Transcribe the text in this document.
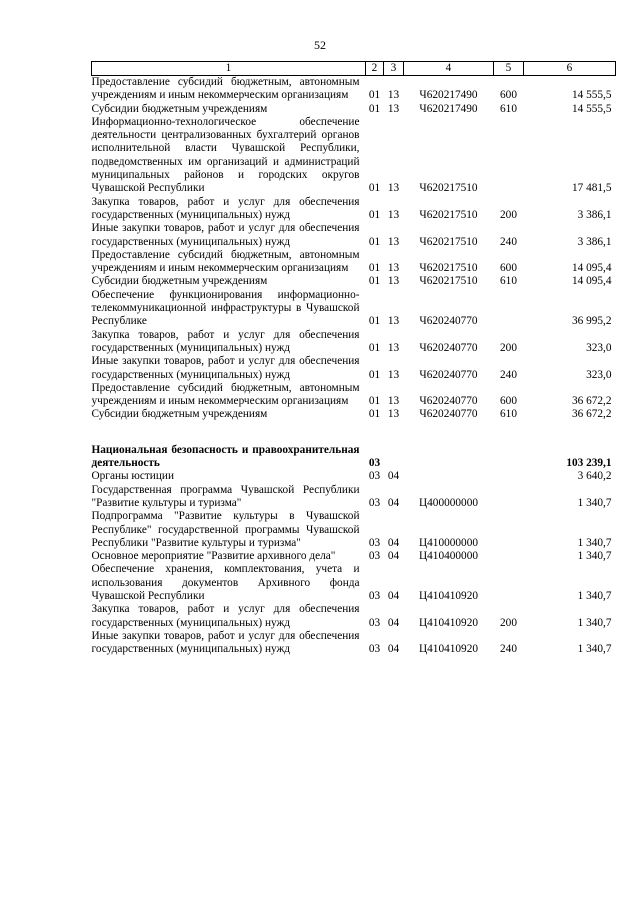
52
1	2	3	4	5	6
Предоставление субсидий бюджетным, автономным учреждениям и иным некоммерческим организациям	01	13	Ч620217490	600	14 555,5
Субсидии бюджетным учреждениям	01	13	Ч620217490	610	14 555,5
Информационно-технологическое обеспечение деятельности централизованных бухгалтерий органов исполнительной власти Чувашской Республики, подведомственных им организаций и администраций муниципальных районов и городских округов Чувашской Республики	01	13	Ч620217510		17 481,5
Закупка товаров, работ и услуг для обеспечения государственных (муниципальных) нужд	01	13	Ч620217510	200	3 386,1
Иные закупки товаров, работ и услуг для обеспечения государственных (муниципальных) нужд	01	13	Ч620217510	240	3 386,1
Предоставление субсидий бюджетным, автономным учреждениям и иным некоммерческим организациям	01	13	Ч620217510	600	14 095,4
Субсидии бюджетным учреждениям	01	13	Ч620217510	610	14 095,4
Обеспечение функционирования информационно-телекоммуникационной инфраструктуры в Чувашской Республике	01	13	Ч620240770		36 995,2
Закупка товаров, работ и услуг для обеспечения государственных (муниципальных) нужд	01	13	Ч620240770	200	323,0
Иные закупки товаров, работ и услуг для обеспечения государственных (муниципальных) нужд	01	13	Ч620240770	240	323,0
Предоставление субсидий бюджетным, автономным учреждениям и иным некоммерческим организациям	01	13	Ч620240770	600	36 672,2
Субсидии бюджетным учреждениям	01	13	Ч620240770	610	36 672,2

Национальная безопасность и правоохранительная деятельность	03				103 239,1
Органы юстиции	03	04			3 640,2
Государственная программа Чувашской Республики "Развитие культуры и туризма"	03	04	Ц400000000		1 340,7
Подпрограмма "Развитие культуры в Чувашской Республике" государственной программы Чувашской Республики "Развитие культуры и туризма"	03	04	Ц410000000		1 340,7
Основное мероприятие "Развитие архивного дела"	03	04	Ц410400000		1 340,7
Обеспечение хранения, комплектования, учета и использования документов Архивного фонда Чувашской Республики	03	04	Ц410410920		1 340,7
Закупка товаров, работ и услуг для обеспечения государственных (муниципальных) нужд	03	04	Ц410410920	200	1 340,7
Иные закупки товаров, работ и услуг для обеспечения государственных (муниципальных) нужд	03	04	Ц410410920	240	1 340,7
